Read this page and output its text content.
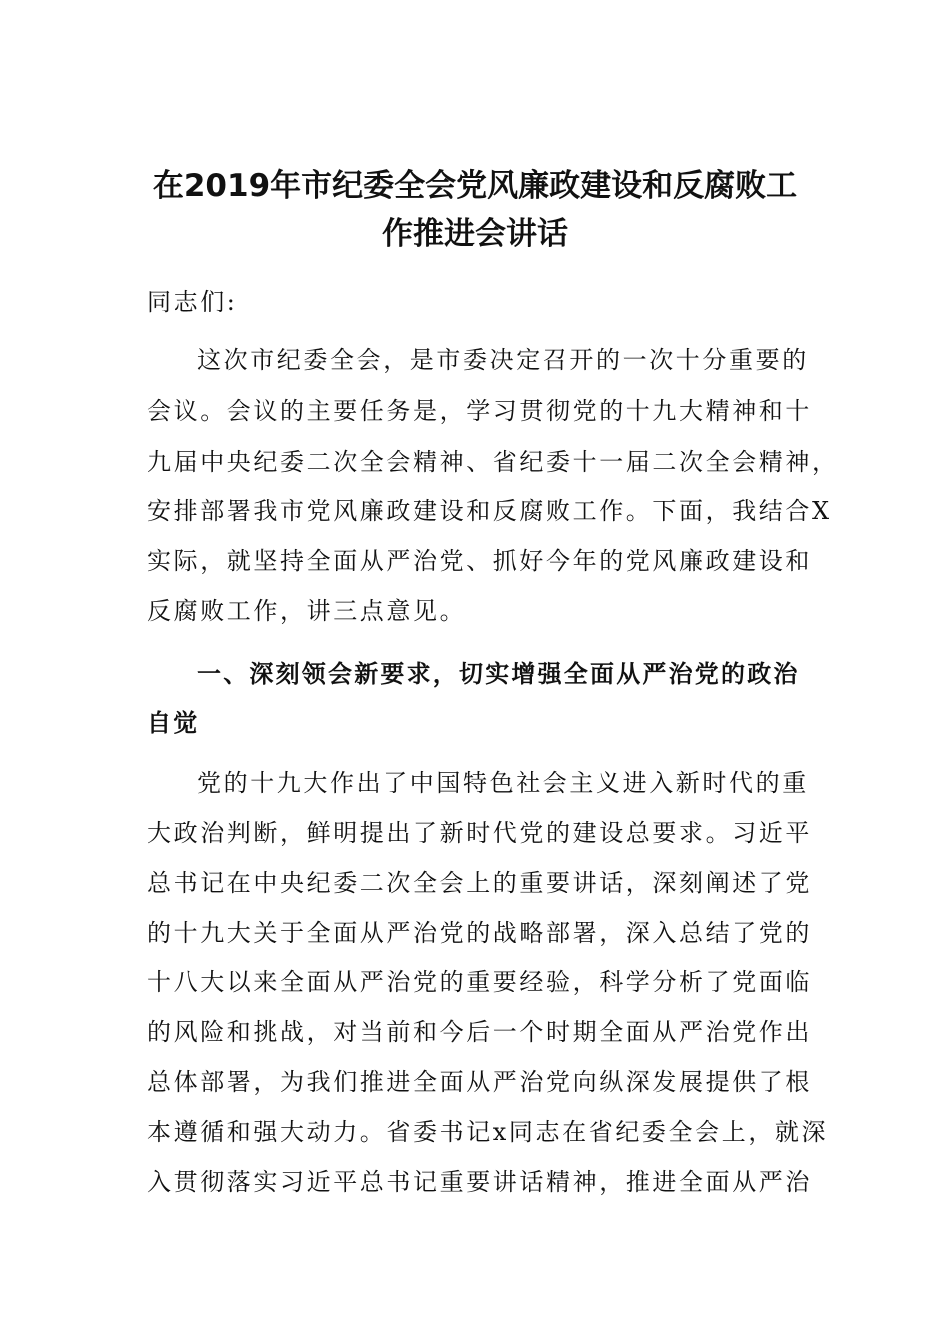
在2019年市纪委全会党风廉政建设和反腐败工
作推进会讲话
同志们:
这次市纪委全会，是市委决定召开的一次十分重要的
会议。会议的主要任务是，学习贯彻党的十九大精神和十
九届中央纪委二次全会精神、省纪委十一届二次全会精神，
安排部署我市党风廉政建设和反腐败工作。下面，我结合X
实际，就坚持全面从严治党、抓好今年的党风廉政建设和
反腐败工作，讲三点意见。
一、深刻领会新要求，切实增强全面从严治党的政治
自觉
党的十九大作出了中国特色社会主义进入新时代的重
大政治判断，鲜明提出了新时代党的建设总要求。习近平
总书记在中央纪委二次全会上的重要讲话，深刻阐述了党
的十九大关于全面从严治党的战略部署，深入总结了党的
十八大以来全面从严治党的重要经验，科学分析了党面临
的风险和挑战，对当前和今后一个时期全面从严治党作出
总体部署，为我们推进全面从严治党向纵深发展提供了根
本遵循和强大动力。省委书记x同志在省纪委全会上，就深
入贯彻落实习近平总书记重要讲话精神，推进全面从严治
